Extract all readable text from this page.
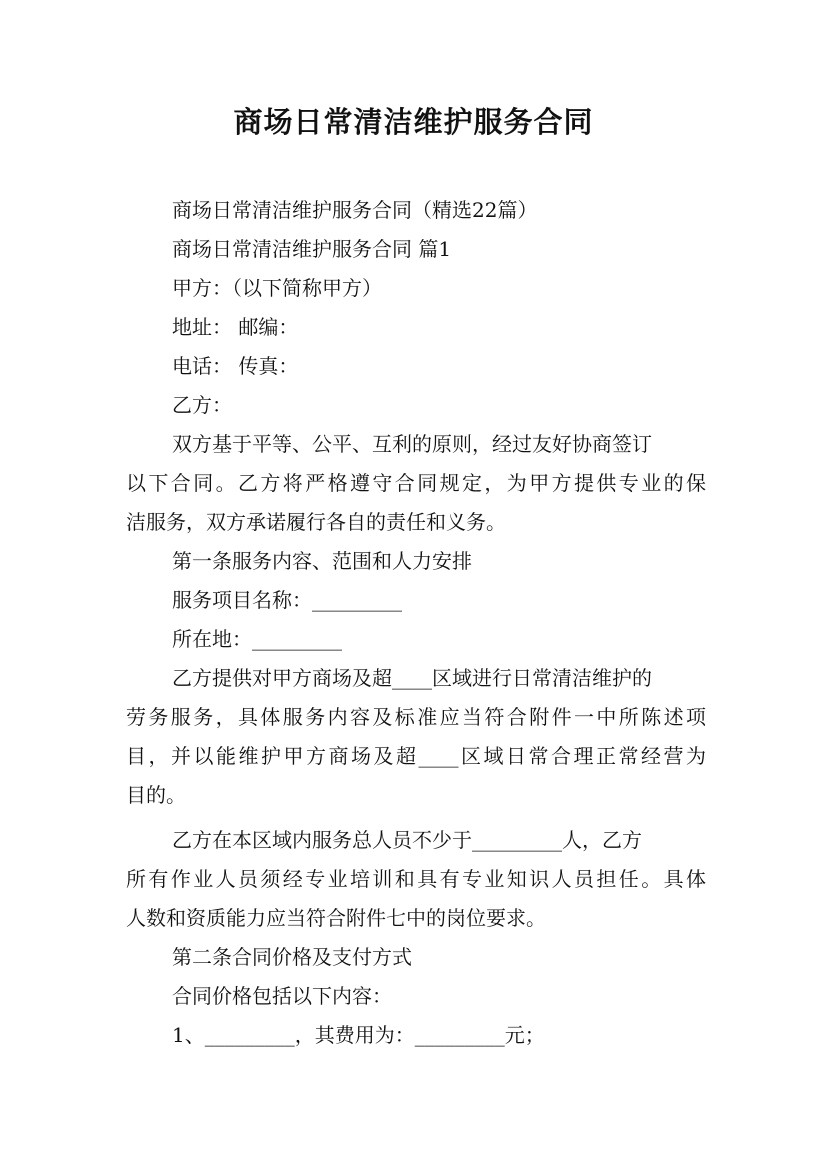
商场日常清洁维护服务合同

商场日常清洁维护服务合同（精选22篇）

商场日常清洁维护服务合同 篇1

甲方：（以下简称甲方）

地址： 邮编：

电话： 传真：

乙方：

双方基于平等、公平、互利的原则，经过友好协商签订
以下合同。乙方将严格遵守合同规定，为甲方提供专业的保
洁服务，双方承诺履行各自的责任和义务。

第一条服务内容、范围和人力安排

服务项目名称：_________

所在地：_________

乙方提供对甲方商场及超____区域进行日常清洁维护的
劳务服务，具体服务内容及标准应当符合附件一中所陈述项
目，并以能维护甲方商场及超____区域日常合理正常经营为
目的。
乙方在本区域内服务总人员不少于_________人，乙方
所有作业人员须经专业培训和具有专业知识人员担任。具体
人数和资质能力应当符合附件七中的岗位要求。

第二条合同价格及支付方式

合同价格包括以下内容：

1、_________，其费用为：_________元；
